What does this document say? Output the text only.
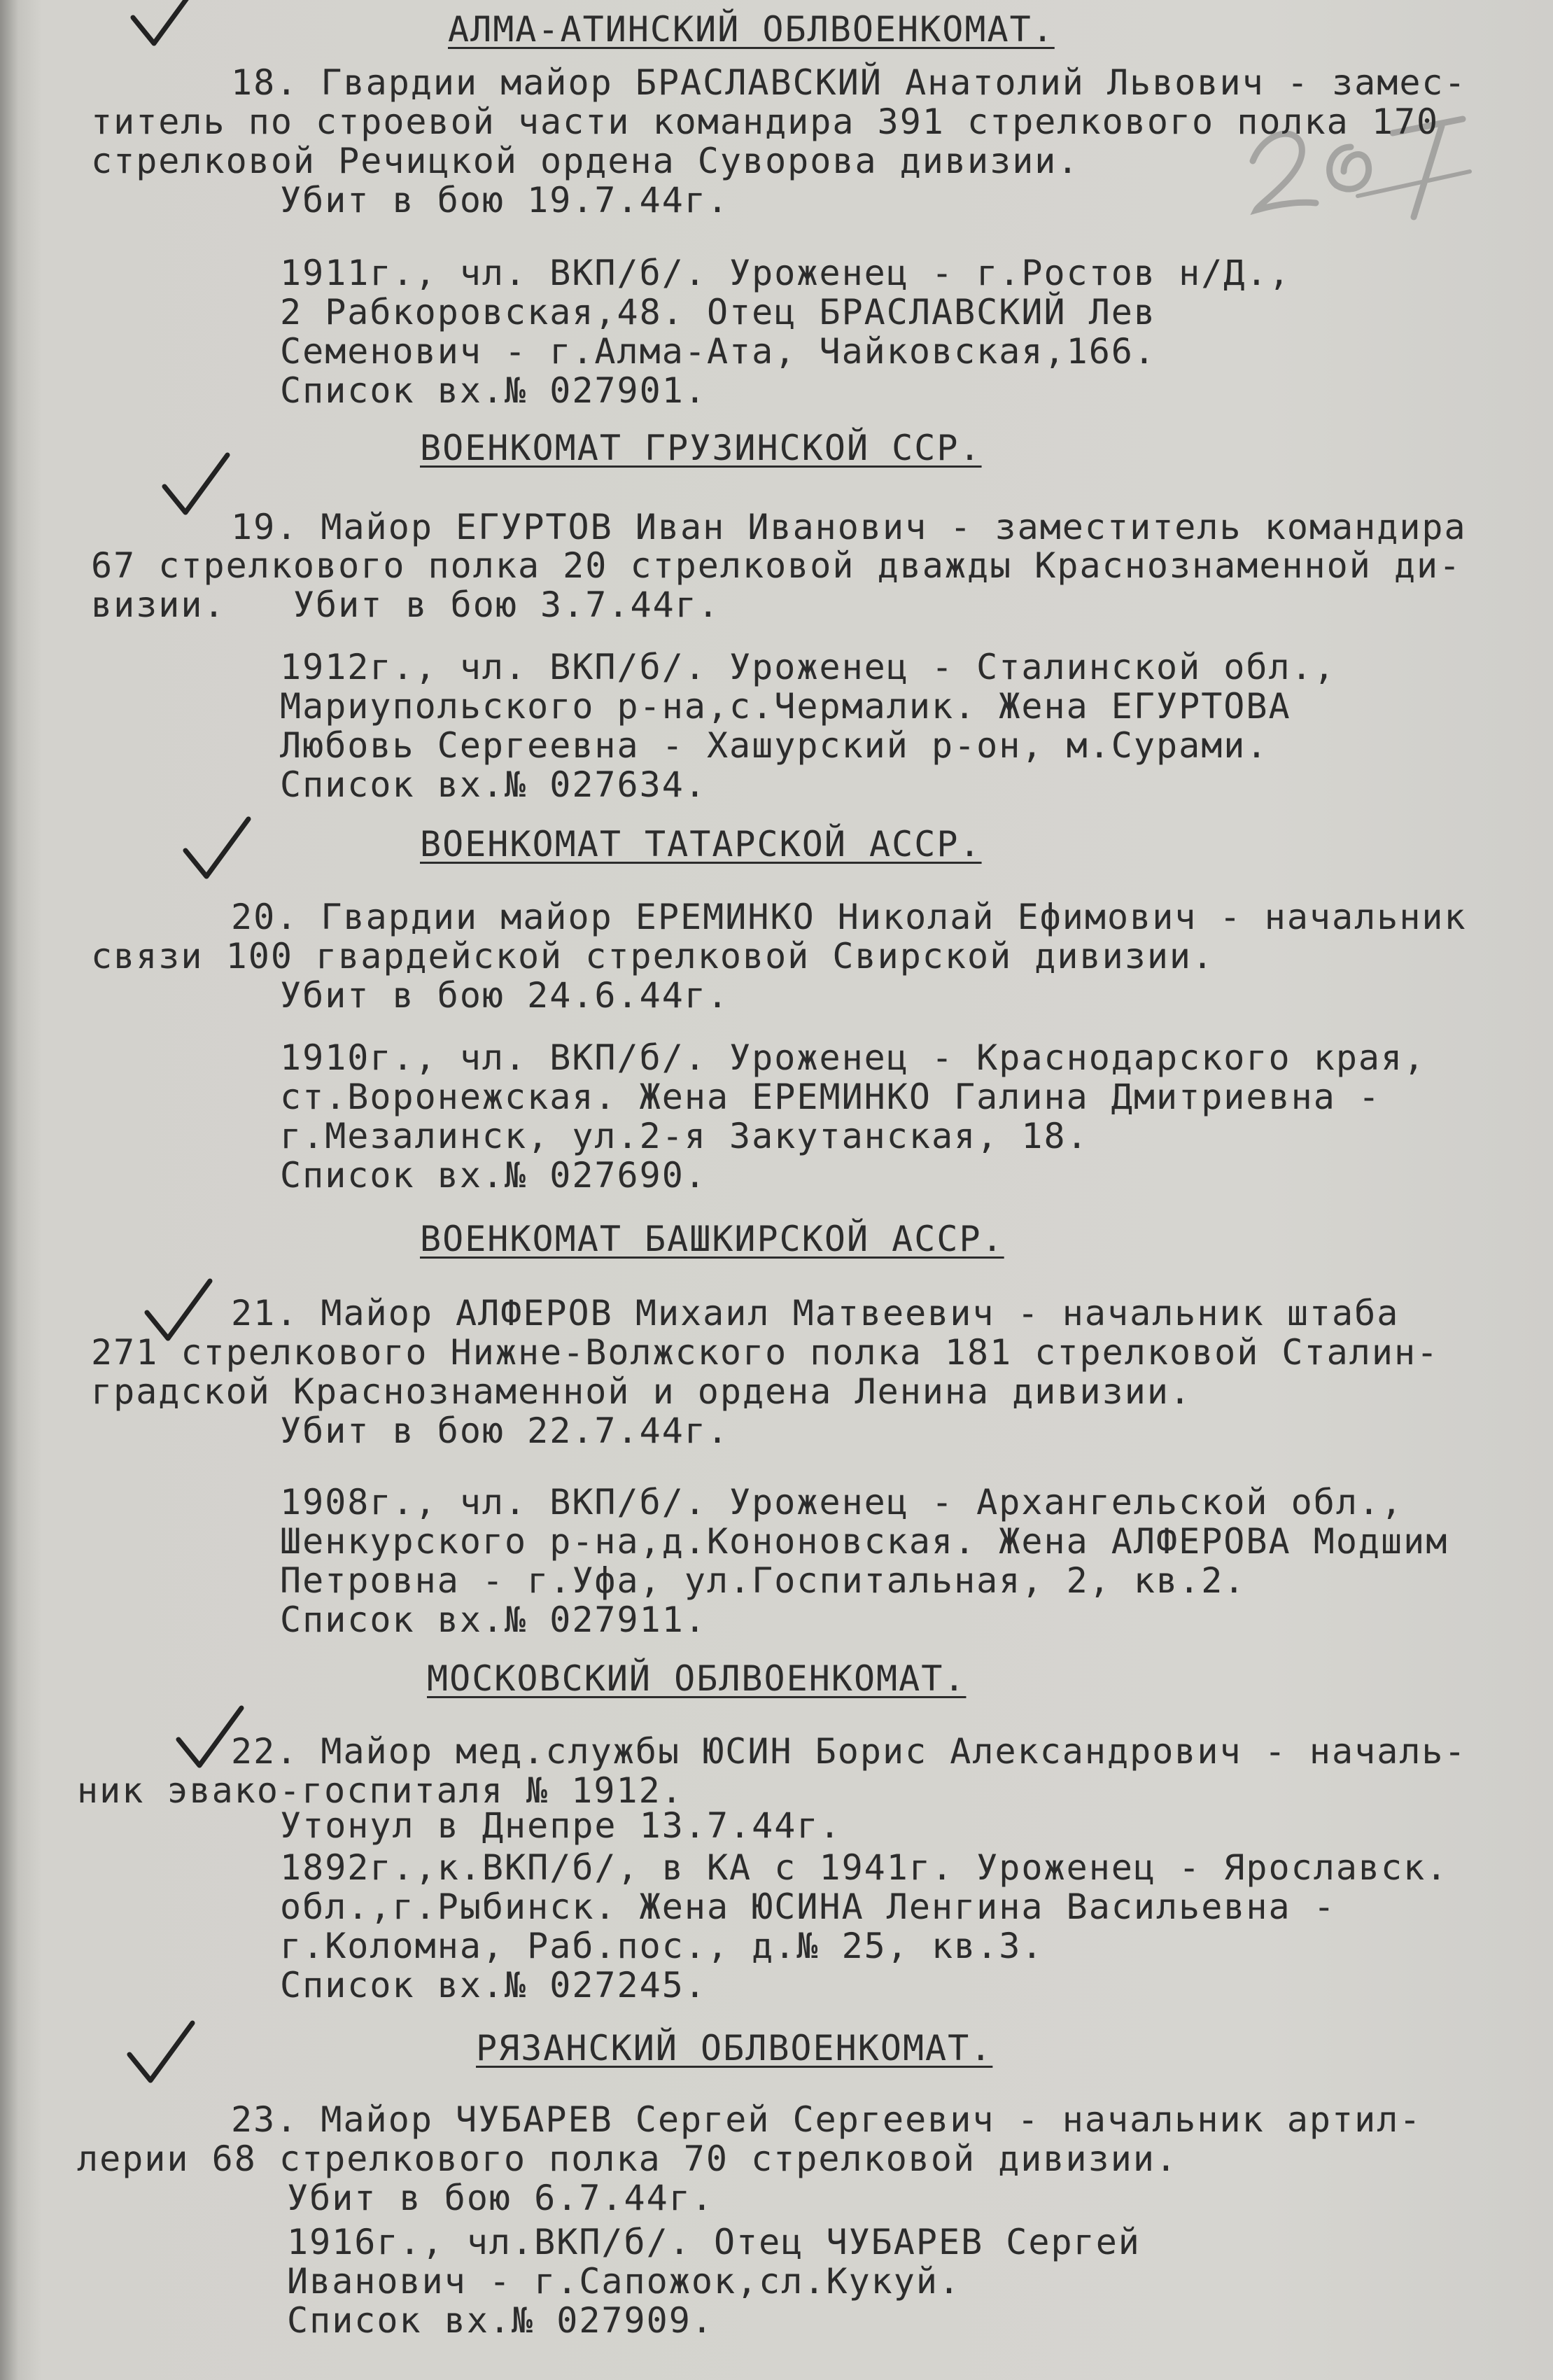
АЛМА-АТИНСКИЙ ОБЛВОЕНКОМАТ.
18. Гвардии майор БРАСЛАВСКИЙ Анатолий Львович - замес-
титель по строевой части командира 391 стрелкового полка 170
стрелковой Речицкой ордена Суворова дивизии.
Убит в бою 19.7.44г.
1911г., чл. ВКП/б/. Уроженец - г.Ростов н/Д.,
2 Рабкоровская,48. Отец БРАСЛАВСКИЙ Лев
Семенович - г.Алма-Ата, Чайковская,166.
Список вх.№ 027901.
ВОЕНКОМАТ ГРУЗИНСКОЙ ССР.
19. Майор ЕГУРТОВ Иван Иванович - заместитель командира
67 стрелкового полка 20 стрелковой дважды Краснознаменной ди-
визии.   Убит в бою 3.7.44г.
1912г., чл. ВКП/б/. Уроженец - Сталинской обл.,
Мариупольского р-на,с.Чермалик. Жена ЕГУРТОВА
Любовь Сергеевна - Хашурский р-он, м.Сурами.
Список вх.№ 027634.
ВОЕНКОМАТ ТАТАРСКОЙ АССР.
20. Гвардии майор ЕРЕМИНКО Николай Ефимович - начальник
связи 100 гвардейской стрелковой Свирской дивизии.
Убит в бою 24.6.44г.
1910г., чл. ВКП/б/. Уроженец - Краснодарского края,
ст.Воронежская. Жена ЕРЕМИНКО Галина Дмитриевна -
г.Мезалинск, ул.2-я Закутанская, 18.
Список вх.№ 027690.
ВОЕНКОМАТ БАШКИРСКОЙ АССР.
21. Майор АЛФЕРОВ Михаил Матвеевич - начальник штаба
271 стрелкового Нижне-Волжского полка 181 стрелковой Сталин-
градской Краснознаменной и ордена Ленина дивизии.
Убит в бою 22.7.44г.
1908г., чл. ВКП/б/. Уроженец - Архангельской обл.,
Шенкурского р-на,д.Кононовская. Жена АЛФЕРОВА Модшим
Петровна - г.Уфа, ул.Госпитальная, 2, кв.2.
Список вх.№ 027911.
МОСКОВСКИЙ ОБЛВОЕНКОМАТ.
22. Майор мед.службы ЮСИН Борис Александрович - началь-
ник эвако-госпиталя № 1912.
Утонул в Днепре 13.7.44г.
1892г.,к.ВКП/б/, в КА с 1941г. Уроженец - Ярославск.
обл.,г.Рыбинск. Жена ЮСИНА Ленгина Васильевна -
г.Коломна, Раб.пос., д.№ 25, кв.3.
Список вх.№ 027245.
РЯЗАНСКИЙ ОБЛВОЕНКОМАТ.
23. Майор ЧУБАРЕВ Сергей Сергеевич - начальник артил-
лерии 68 стрелкового полка 70 стрелковой дивизии.
Убит в бою 6.7.44г.
1916г., чл.ВКП/б/. Отец ЧУБАРЕВ Сергей
Иванович - г.Сапожок,сл.Кукуй.
Список вх.№ 027909.
